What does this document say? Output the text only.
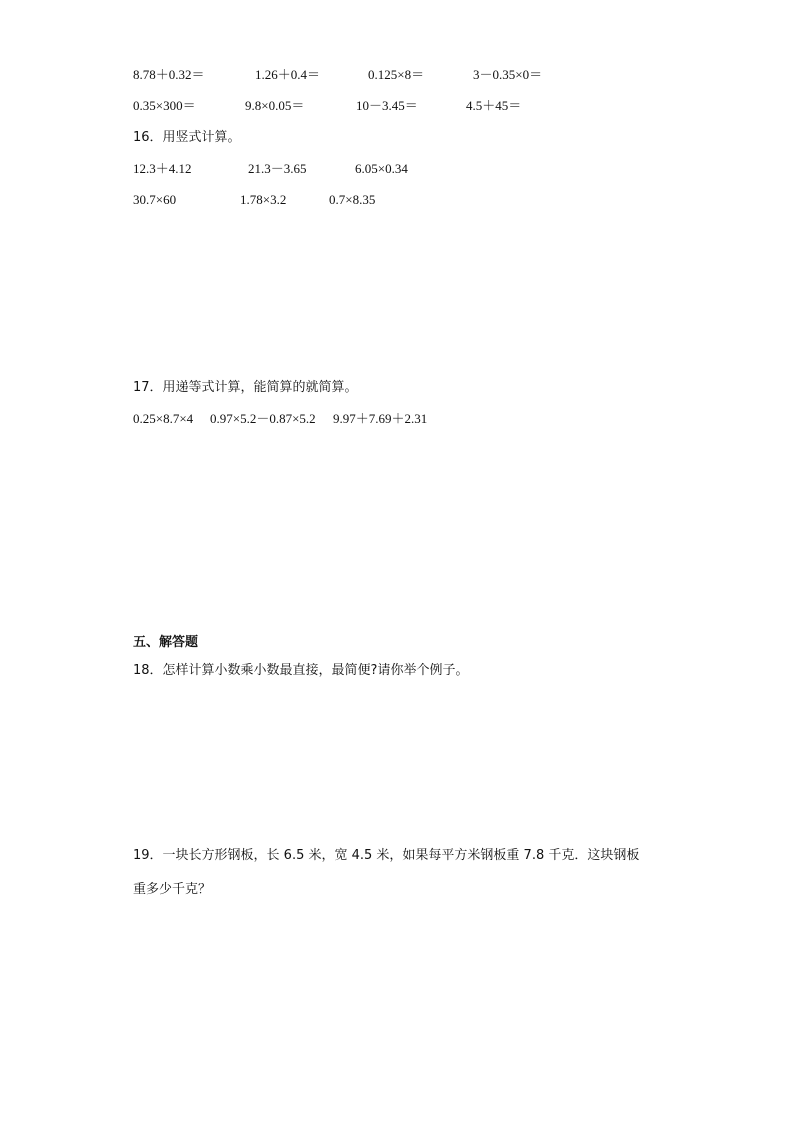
8.78＋0.32＝	1.26＋0.4＝	0.125×8＝	3－0.35×0＝
0.35×300＝	9.8×0.05＝	10－3.45＝	4.5＋45＝
16．用竖式计算。
12.3＋4.12	21.3－3.65	6.05×0.34
30.7×60	1.78×3.2	0.7×8.35
17．用递等式计算，能简算的就简算。
0.25×8.7×4 0.97×5.2－0.87×5.2 9.97＋7.69＋2.31
五、解答题
18．怎样计算小数乘小数最直接，最简便?请你举个例子。
19．一块长方形钢板，长 6.5 米，宽 4.5 米，如果每平方米钢板重 7.8 千克．这块钢板
重多少千克？
